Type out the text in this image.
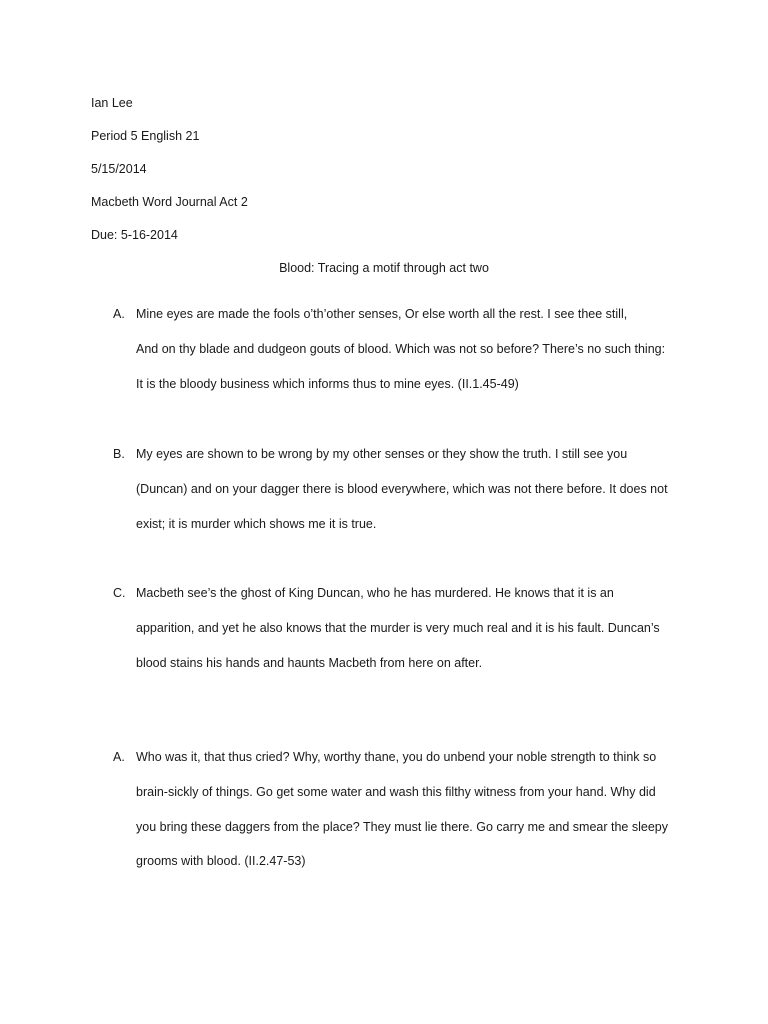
Ian Lee
Period 5 English 21
5/15/2014
Macbeth Word Journal Act 2
Due: 5-16-2014
Blood: Tracing a motif through act two
A. Mine eyes are made the fools o’th’other senses, Or else worth all the rest. I see thee still,
And on thy blade and dudgeon gouts of blood. Which was not so before? There’s no such thing:
It is the bloody business which informs thus to mine eyes. (II.1.45-49)
B. My eyes are shown to be wrong by my other senses or they show the truth. I still see you
(Duncan) and on your dagger there is blood everywhere, which was not there before. It does not
exist; it is murder which shows me it is true.
C. Macbeth see’s the ghost of King Duncan, who he has murdered. He knows that it is an
apparition, and yet he also knows that the murder is very much real and it is his fault. Duncan’s
blood stains his hands and haunts Macbeth from here on after.
A. Who was it, that thus cried? Why, worthy thane, you do unbend your noble strength to think so
brain-sickly of things. Go get some water and wash this filthy witness from your hand. Why did
you bring these daggers from the place? They must lie there. Go carry me and smear the sleepy
grooms with blood. (II.2.47-53)
